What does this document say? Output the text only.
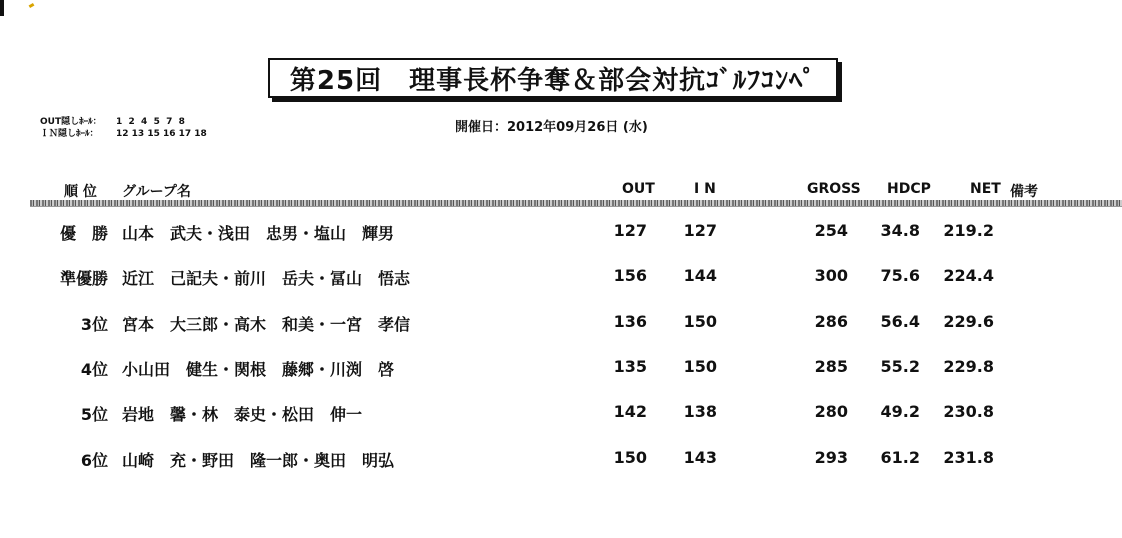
第25回　理事長杯争奪＆部会対抗ｺﾞﾙﾌｺﾝﾍﾟ
OUT隠しﾎｰﾙ：	1  2  4  5  7  8
ＩＮ隠しﾎｰﾙ：	12 13 15 16 17 18	開催日：2012年09月26日 (水)
順 位 グループ名	OUT	I N	GROSS HDCP	NET 備考
優　勝 山本　武夫・浅田　忠男・塩山　輝男	127 127	254 34.8 219.2
準優勝 近江　己記夫・前川　岳夫・冨山　悟志	156 144	300 75.6 224.4
3位 宮本　大三郎・高木　和美・一宮　孝信	136 150	286 56.4 229.6
4位 小山田　健生・関根　藤郷・川渕　啓	135 150	285 55.2 229.8
5位 岩地　馨・林　泰史・松田　伸一	142 138	280 49.2 230.8
6位 山崎　充・野田　隆一郎・奥田　明弘	150 143	293 61.2 231.8
